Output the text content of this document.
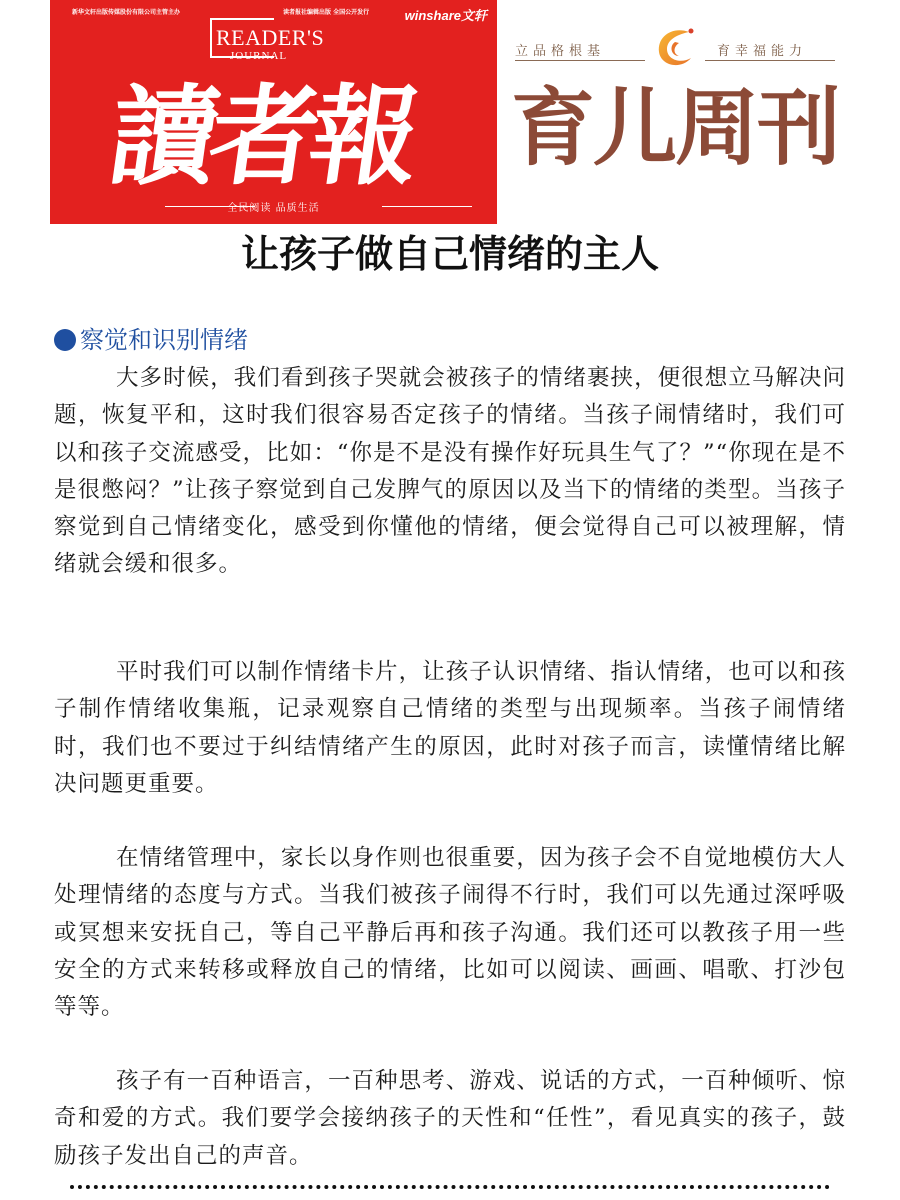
新华文轩出版传媒股份有限公司主管主办	读者报社编辑出版 全国公开发行	winshare文轩
READER'S
JOURNAL
讀者報
全民阅读 品质生活
立品格根基	育幸福能力
育儿周刊
让孩子做自己情绪的主人
察觉和识别情绪

大多时候，我们看到孩子哭就会被孩子的情绪裹挟，便很想立马解决问题，恢复平和，这时我们很容易否定孩子的情绪。当孩子闹情绪时，我们可以和孩子交流感受，比如：“你是不是没有操作好玩具生气了？”“你现在是不是很憋闷？”让孩子察觉到自己发脾气的原因以及当下的情绪的类型。当孩子察觉到自己情绪变化，感受到你懂他的情绪，便会觉得自己可以被理解，情绪就会缓和很多。

平时我们可以制作情绪卡片，让孩子认识情绪、指认情绪，也可以和孩子制作情绪收集瓶，记录观察自己情绪的类型与出现频率。当孩子闹情绪时，我们也不要过于纠结情绪产生的原因，此时对孩子而言，读懂情绪比解决问题更重要。

在情绪管理中，家长以身作则也很重要，因为孩子会不自觉地模仿大人处理情绪的态度与方式。当我们被孩子闹得不行时，我们可以先通过深呼吸或冥想来安抚自己，等自己平静后再和孩子沟通。我们还可以教孩子用一些安全的方式来转移或释放自己的情绪，比如可以阅读、画画、唱歌、打沙包等等。

孩子有一百种语言，一百种思考、游戏、说话的方式，一百种倾听、惊奇和爱的方式。我们要学会接纳孩子的天性和“任性”，看见真实的孩子，鼓励孩子发出自己的声音。
